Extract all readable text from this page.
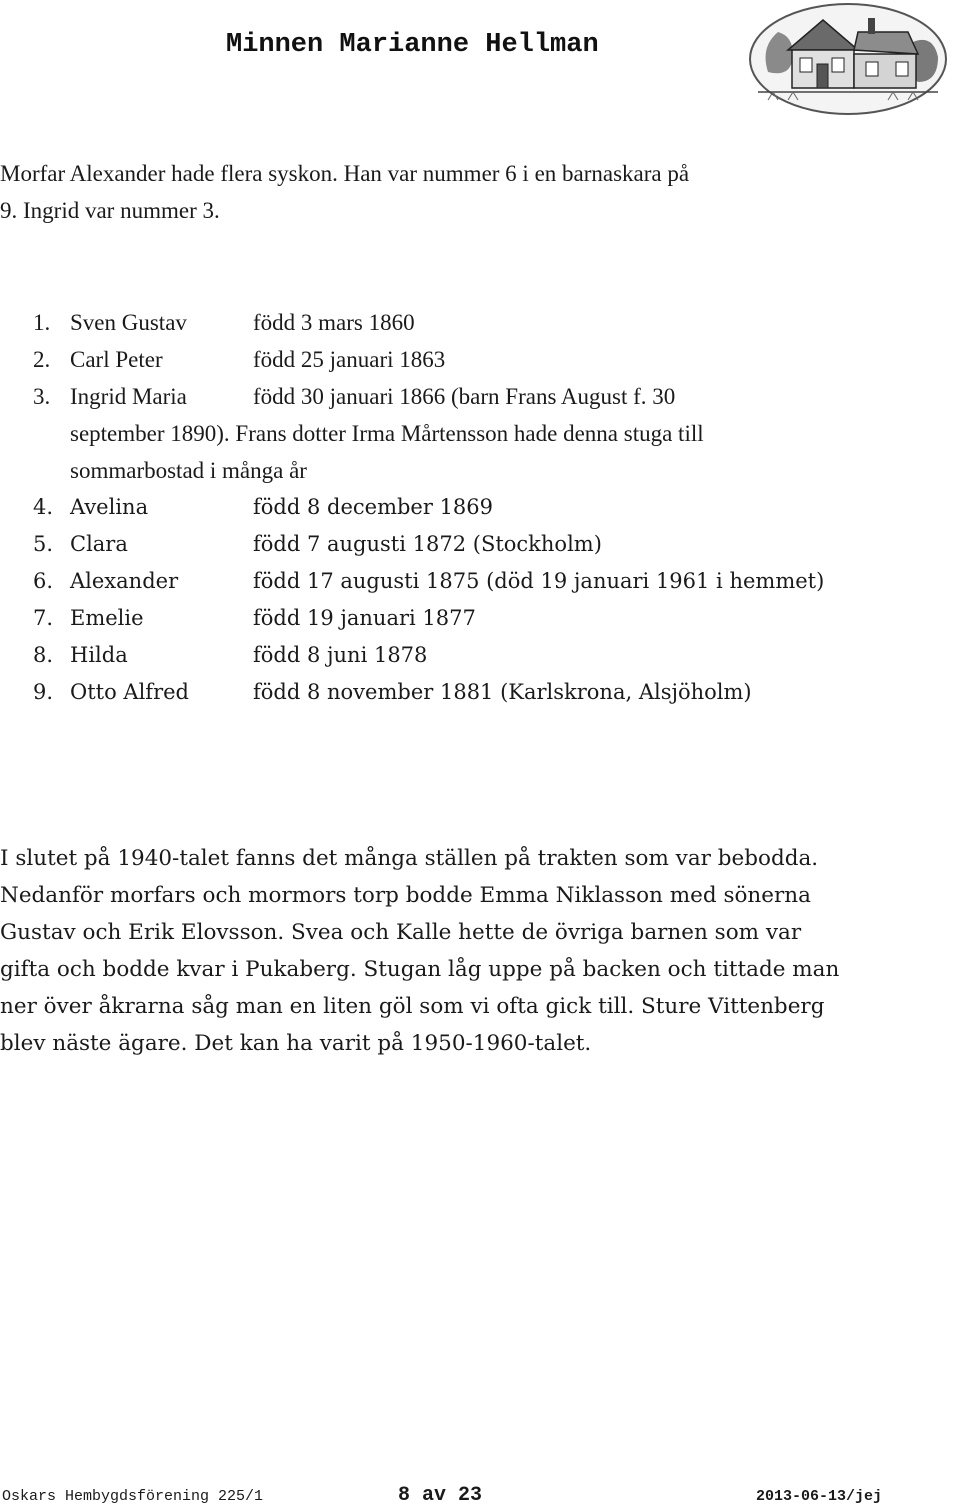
Minnen Marianne Hellman
Morfar Alexander hade flera syskon. Han var nummer 6 i en barnaskara på
9. Ingrid var nummer 3.
1. Sven Gustav	född 3 mars 1860
2. Carl Peter	född 25 januari 1863
3. Ingrid Maria	född 30 januari 1866 (barn Frans August f. 30
september 1890). Frans dotter Irma Mårtensson hade denna stuga till
sommarbostad i många år
4. Avelina	född 8 december 1869
5. Clara	född 7 augusti 1872 (Stockholm)
6. Alexander	född 17 augusti 1875 (död 19 januari 1961 i hemmet)
7. Emelie	född 19 januari 1877
8. Hilda	född 8 juni 1878
9. Otto Alfred	född 8 november 1881 (Karlskrona, Alsjöholm)
I slutet på 1940-talet fanns det många ställen på trakten som var bebodda.
Nedanför morfars och mormors torp bodde Emma Niklasson med sönerna
Gustav och Erik Elovsson. Svea och Kalle hette de övriga barnen som var
gifta och bodde kvar i Pukaberg. Stugan låg uppe på backen och tittade man
ner över åkrarna såg man en liten göl som vi ofta gick till. Sture Vittenberg
blev näste ägare. Det kan ha varit på 1950-1960-talet.
Oskars Hembygdsförening 225/1	8 av 23	2013-06-13/jej
